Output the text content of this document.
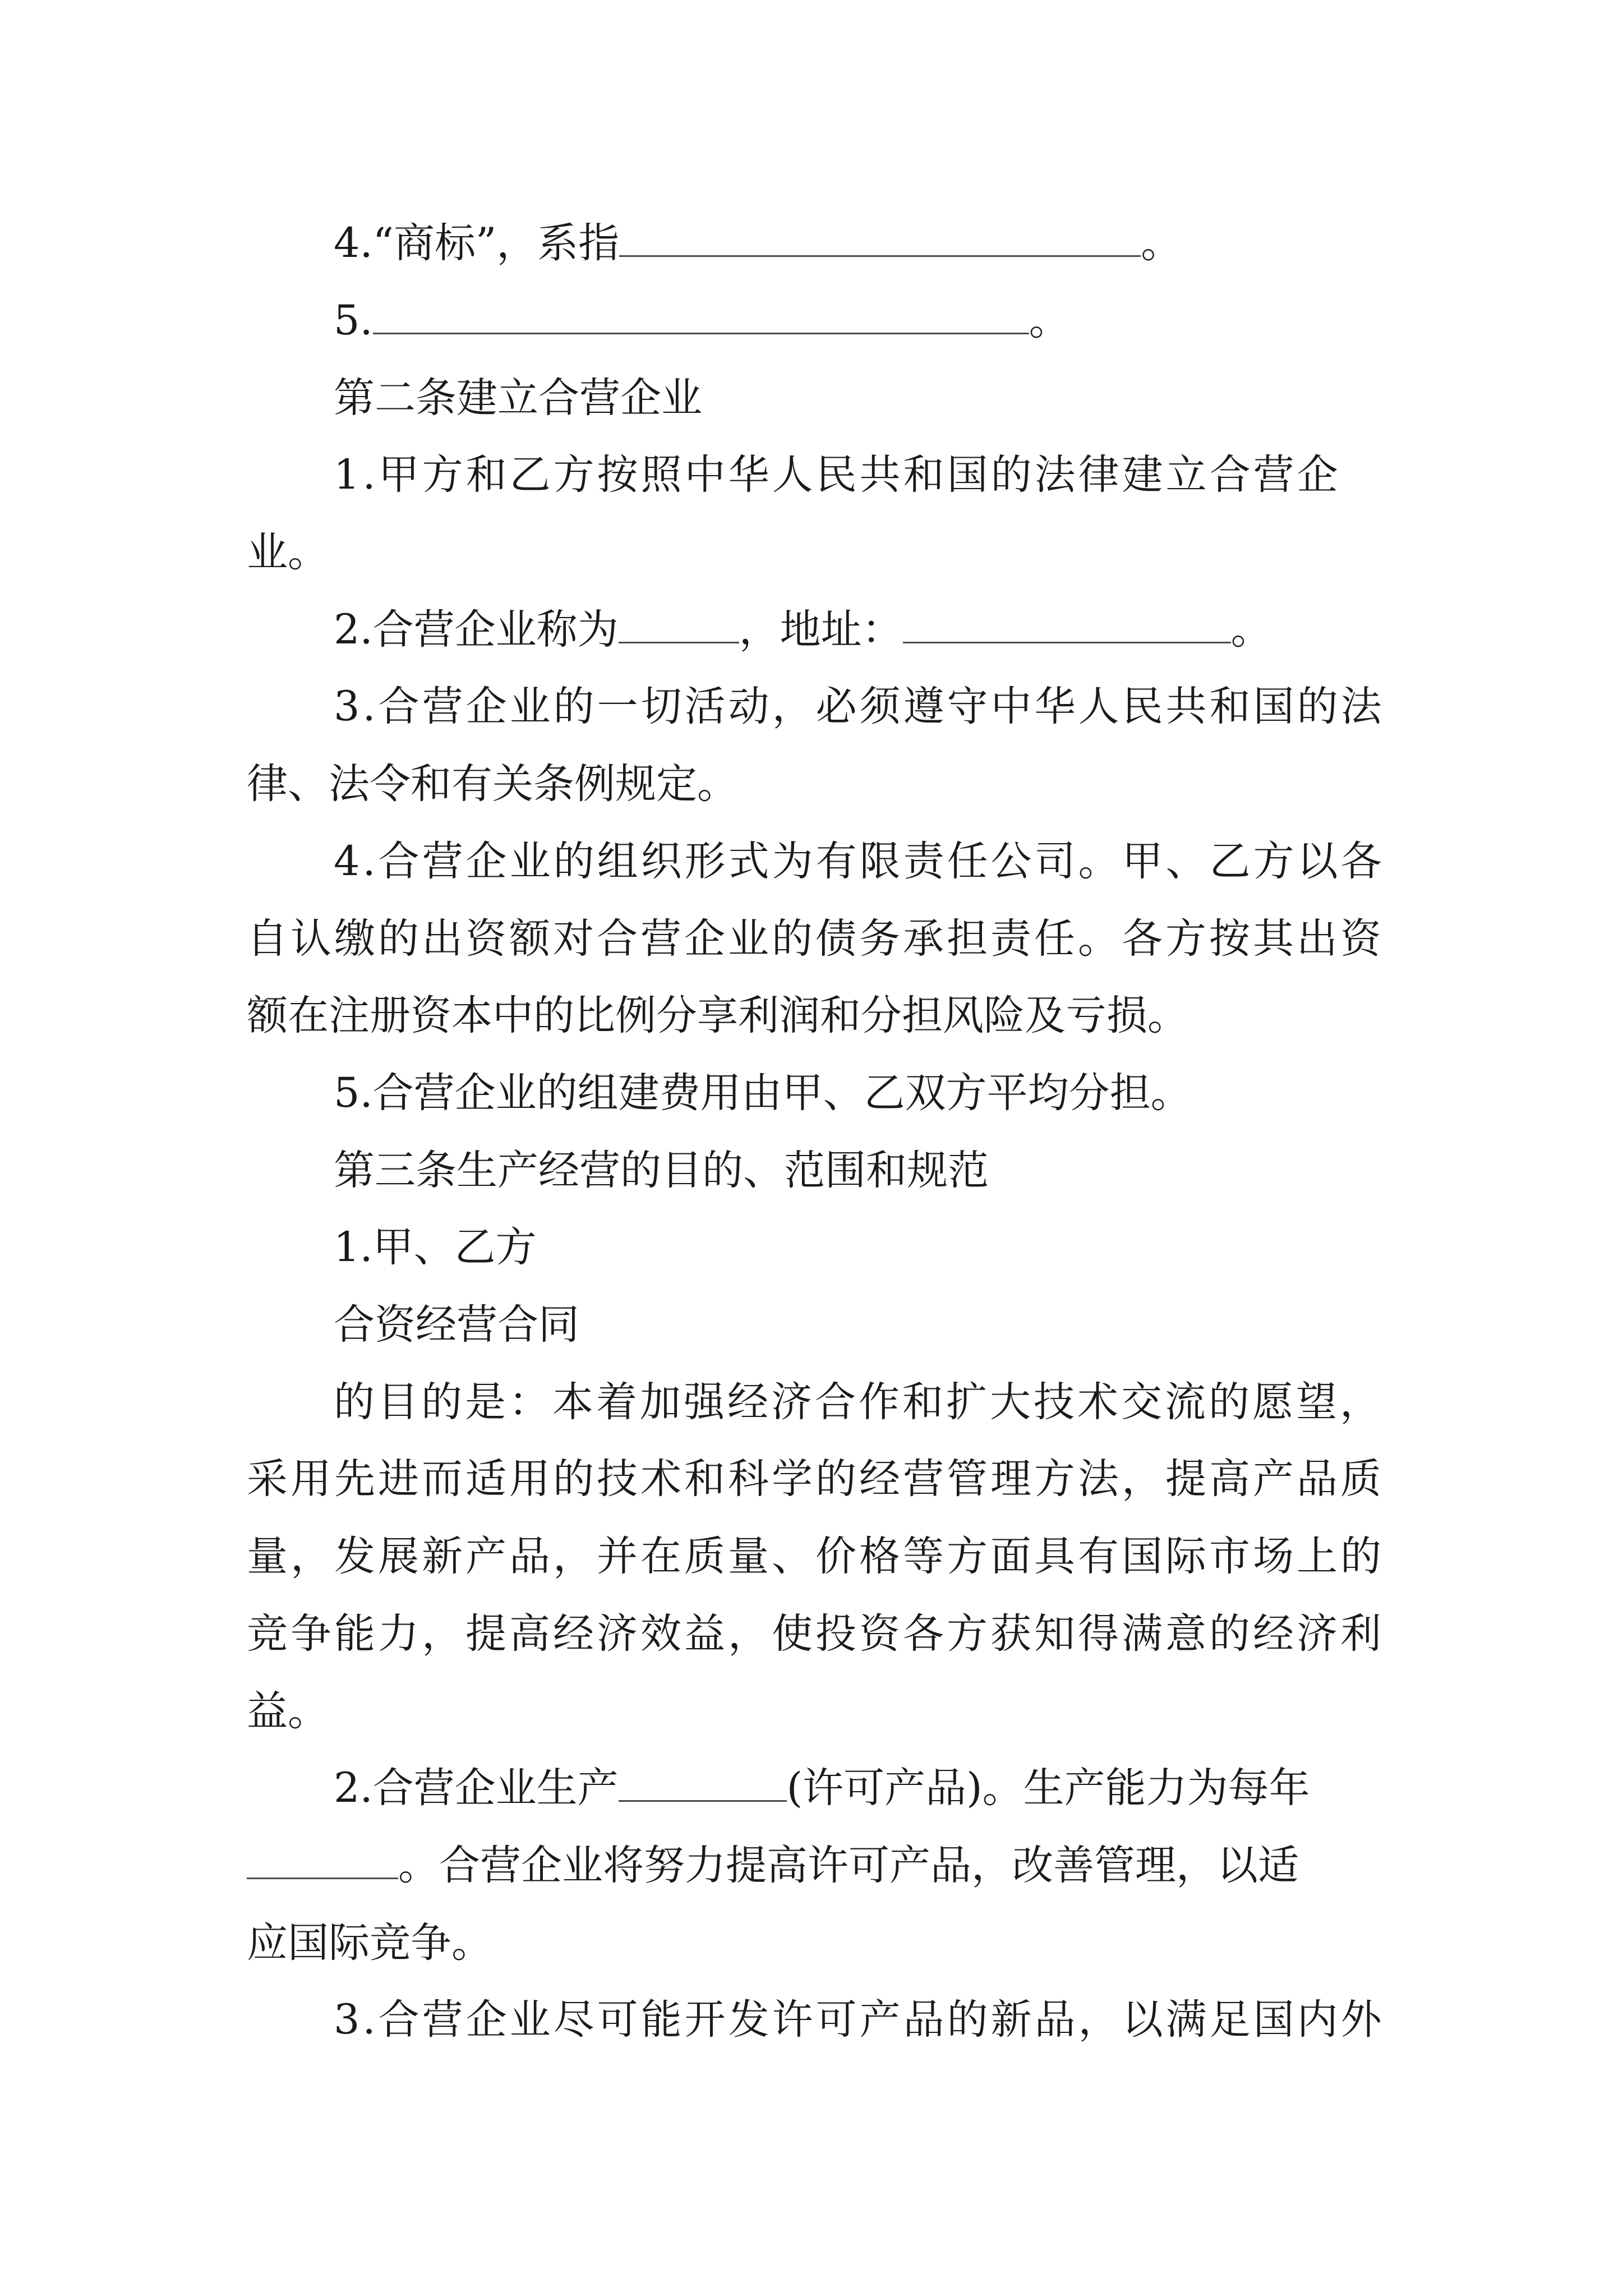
4.“商标”，系指	。
5.	。
第二条建立合营企业
1.甲方和乙方按照中华人民共和国的法律建立合营企
业。
2.合营企业称为	，地址：	。
3.合营企业的一切活动，必须遵守中华人民共和国的法
律、法令和有关条例规定。
4.合营企业的组织形式为有限责任公司。甲、乙方以各
自认缴的出资额对合营企业的债务承担责任。各方按其出资
额在注册资本中的比例分享利润和分担风险及亏损。
5.合营企业的组建费用由甲、乙双方平均分担。
第三条生产经营的目的、范围和规范
1.甲、乙方
合资经营合同
的目的是：本着加强经济合作和扩大技术交流的愿望，
采用先进而适用的技术和科学的经营管理方法，提高产品质
量，发展新产品，并在质量、价格等方面具有国际市场上的
竞争能力，提高经济效益，使投资各方获知得满意的经济利
益。
2.合营企业生产	(许可产品)。生产能力为每年
。合营企业将努力提高许可产品，改善管理，以适
应国际竞争。
3.合营企业尽可能开发许可产品的新品，以满足国内外
